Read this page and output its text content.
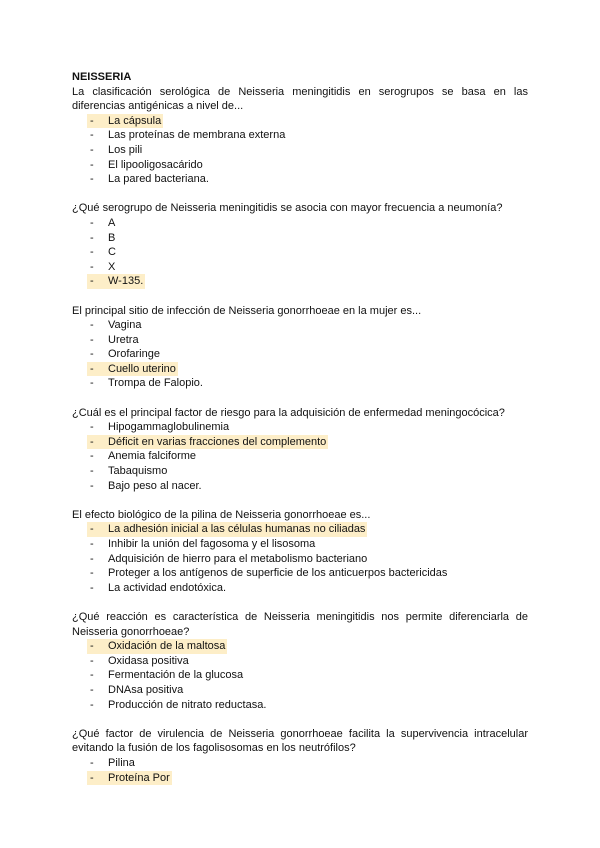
NEISSERIA

La clasificación serológica de Neisseria meningitidis en serogrupos se basa en las diferencias antigénicas a nivel de...

- La cápsula
- Las proteínas de membrana externa
- Los pili
- El lipooligosacárido
- La pared bacteriana.

¿Qué serogrupo de Neisseria meningitidis se asocia con mayor frecuencia a neumonía?

- A
- B
- C
- X
- W-135.

El principal sitio de infección de Neisseria gonorrhoeae en la mujer es...

- Vagina
- Uretra
- Orofaringe
- Cuello uterino
- Trompa de Falopio.

¿Cuál es el principal factor de riesgo para la adquisición de enfermedad meningocócica?

- Hipogammaglobulinemia
- Déficit en varias fracciones del complemento
- Anemia falciforme
- Tabaquismo
- Bajo peso al nacer.

El efecto biológico de la pilina de Neisseria gonorrhoeae es...

- La adhesión inicial a las células humanas no ciliadas
- Inhibir la unión del fagosoma y el lisosoma
- Adquisición de hierro para el metabolismo bacteriano
- Proteger a los antígenos de superficie de los anticuerpos bactericidas
- La actividad endotóxica.

¿Qué reacción es característica de Neisseria meningitidis nos permite diferenciarla de Neisseria gonorrhoeae?

- Oxidación de la maltosa
- Oxidasa positiva
- Fermentación de la glucosa
- DNAsa positiva
- Producción de nitrato reductasa.

¿Qué factor de virulencia de Neisseria gonorrhoeae facilita la supervivencia intracelular evitando la fusión de los fagolisosomas en los neutrófilos?

- Pilina
- Proteína Por
